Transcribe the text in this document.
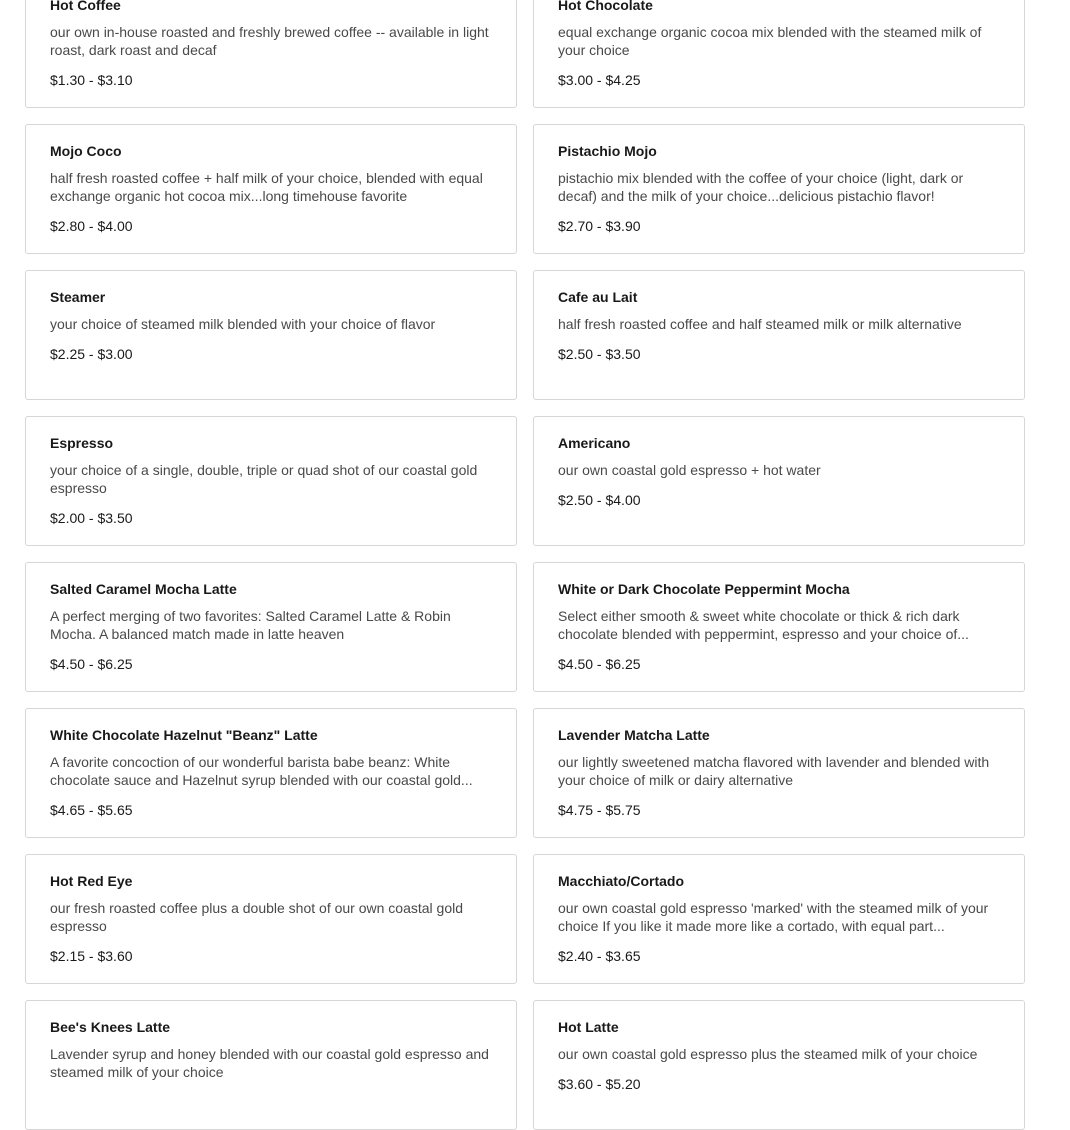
Hot Coffee

our own in-house roasted and freshly brewed coffee -- available in light roast, dark roast and decaf

$1.30 - $3.10

Hot Chocolate

equal exchange organic cocoa mix blended with the steamed milk of your choice

$3.00 - $4.25

Mojo Coco

half fresh roasted coffee + half milk of your choice, blended with equal exchange organic hot cocoa mix...long timehouse favorite

$2.80 - $4.00

Pistachio Mojo

pistachio mix blended with the coffee of your choice (light, dark or decaf) and the milk of your choice...delicious pistachio flavor!

$2.70 - $3.90

Steamer

your choice of steamed milk blended with your choice of flavor

$2.25 - $3.00

Cafe au Lait

half fresh roasted coffee and half steamed milk or milk alternative

$2.50 - $3.50

Espresso

your choice of a single, double, triple or quad shot of our coastal gold espresso

$2.00 - $3.50

Americano

our own coastal gold espresso + hot water

$2.50 - $4.00

Salted Caramel Mocha Latte

A perfect merging of two favorites: Salted Caramel Latte & Robin Mocha. A balanced match made in latte heaven

$4.50 - $6.25

White or Dark Chocolate Peppermint Mocha

Select either smooth & sweet white chocolate or thick & rich dark chocolate blended with peppermint, espresso and your choice of...

$4.50 - $6.25

White Chocolate Hazelnut "Beanz" Latte

A favorite concoction of our wonderful barista babe beanz: White chocolate sauce and Hazelnut syrup blended with our coastal gold...

$4.65 - $5.65

Lavender Matcha Latte

our lightly sweetened matcha flavored with lavender and blended with your choice of milk or dairy alternative

$4.75 - $5.75

Hot Red Eye

our fresh roasted coffee plus a double shot of our own coastal gold espresso

$2.15 - $3.60

Macchiato/Cortado

our own coastal gold espresso 'marked' with the steamed milk of your choice If you like it made more like a cortado, with equal part...

$2.40 - $3.65

Bee's Knees Latte

Lavender syrup and honey blended with our coastal gold espresso and steamed milk of your choice

Hot Latte

our own coastal gold espresso plus the steamed milk of your choice

$3.60 - $5.20
